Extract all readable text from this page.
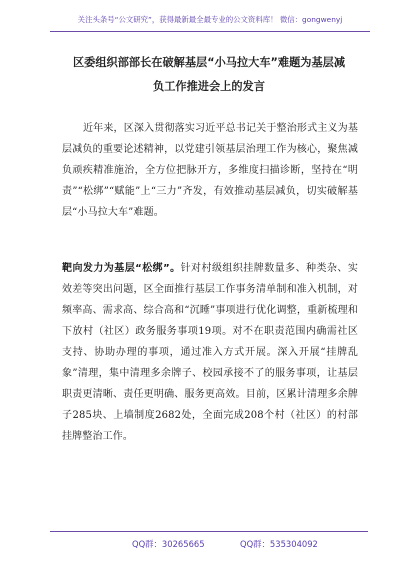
关注头条号“公文研究”，获得最新最全最专业的公文资料库！ 微信：gongwenyj
区委组织部部长在破解基层“小马拉大车”难题为基层减
负工作推进会上的发言

近年来，区深入贯彻落实习近平总书记关于整治形式主义为基层减负的重要论述精神，以党建引领基层治理工作为核心，聚焦减负顽疾精准施治，全方位把脉开方，多维度扫描诊断，坚持在“明责”“松绑”“赋能”上“三力”齐发，有效推动基层减负，切实破解基层“小马拉大车”难题。

靶向发力为基层“松绑”。针对村级组织挂牌数量多、种类杂、实效差等突出问题，区全面推行基层工作事务清单制和准入机制，对频率高、需求高、综合高和“沉睡”事项进行优化调整，重新梳理和下放村（社区）政务服务事项19项。对不在职责范围内确需社区支持、协助办理的事项，通过准入方式开展。深入开展“挂牌乱象”清理，集中清理多余牌子、校园承接不了的服务事项，让基层职责更清晰、责任更明确、服务更高效。目前，区累计清理多余牌子285块、上墙制度2682处，全面完成208个村（社区）的村部挂牌整治工作。

QQ群：30265665	QQ群：535304092
